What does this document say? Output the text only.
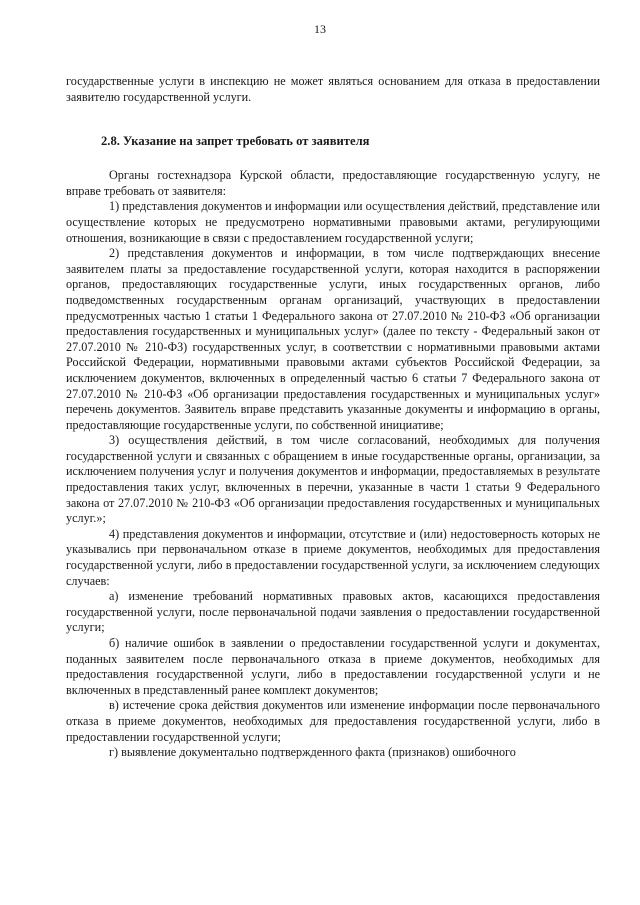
13

государственные услуги в инспекцию не может являться основанием для отказа в предоставлении заявителю государственной услуги.

2.8. Указание на запрет требовать от заявителя

Органы гостехнадзора Курской области, предоставляющие государственную услугу, не вправе требовать от заявителя:

1) представления документов и информации или осуществления действий, представление или осуществление которых не предусмотрено нормативными правовыми актами, регулирующими отношения, возникающие в связи с предоставлением государственной услуги;

2) представления документов и информации, в том числе подтверждающих внесение заявителем платы за предоставление государственной услуги, которая находится в распоряжении органов, предоставляющих государственные услуги, иных государственных органов, либо подведомственных государственным органам организаций, участвующих в предоставлении предусмотренных частью 1 статьи 1 Федерального закона от 27.07.2010 № 210-ФЗ «Об организации предоставления государственных и муниципальных услуг» (далее по тексту - Федеральный закон от 27.07.2010 № 210-ФЗ) государственных услуг, в соответствии с нормативными правовыми актами Российской Федерации, нормативными правовыми актами субъектов Российской Федерации, за исключением документов, включенных в определенный частью 6 статьи 7 Федерального закона от 27.07.2010 № 210-ФЗ «Об организации предоставления государственных и муниципальных услуг» перечень документов. Заявитель вправе представить указанные документы и информацию в органы, предоставляющие государственные услуги, по собственной инициативе;

3) осуществления действий, в том числе согласований, необходимых для получения государственной услуги и связанных с обращением в иные государственные органы, организации, за исключением получения услуг и получения документов и информации, предоставляемых в результате предоставления таких услуг, включенных в перечни, указанные в части 1 статьи 9 Федерального закона от 27.07.2010 № 210-ФЗ «Об организации предоставления государственных и муниципальных услуг.»;

4) представления документов и информации, отсутствие и (или) недостоверность которых не указывались при первоначальном отказе в приеме документов, необходимых для предоставления государственной услуги, либо в предоставлении государственной услуги, за исключением следующих случаев:

а) изменение требований нормативных правовых актов, касающихся предоставления государственной услуги, после первоначальной подачи заявления о предоставлении государственной услуги;

б) наличие ошибок в заявлении о предоставлении государственной услуги и документах, поданных заявителем после первоначального отказа в приеме документов, необходимых для предоставления государственной услуги, либо в предоставлении государственной услуги и не включенных в представленный ранее комплект документов;

в) истечение срока действия документов или изменение информации после первоначального отказа в приеме документов, необходимых для предоставления государственной услуги, либо в предоставлении государственной услуги;

г) выявление документально подтвержденного факта (признаков) ошибочного
